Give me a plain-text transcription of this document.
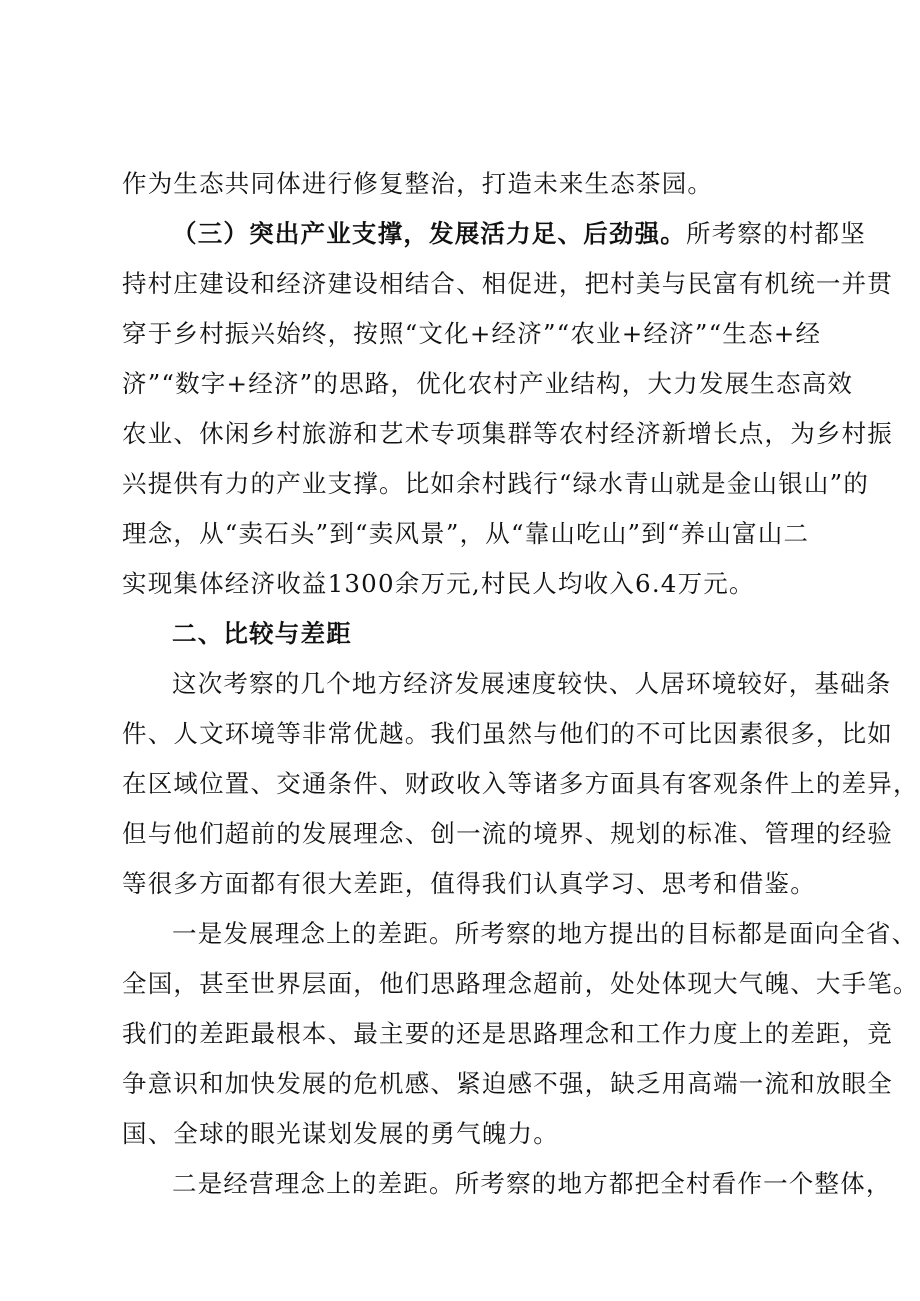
作为生态共同体进行修复整治，打造未来生态茶园。
（三）突出产业支撑，发展活力足、后劲强。所考察的村都坚
持村庄建设和经济建设相结合、相促进，把村美与民富有机统一并贯
穿于乡村振兴始终，按照“文化+经济”“农业+经济”“生态+经
济”“数字+经济”的思路，优化农村产业结构，大力发展生态高效
农业、休闲乡村旅游和艺术专项集群等农村经济新增长点，为乡村振
兴提供有力的产业支撑。比如余村践行“绿水青山就是金山银山”的
理念，从“卖石头”到“卖风景”，从“靠山吃山”到“养山富山二
实现集体经济收益1300余万元,村民人均收入6.4万元。
二、比较与差距
这次考察的几个地方经济发展速度较快、人居环境较好，基础条
件、人文环境等非常优越。我们虽然与他们的不可比因素很多，比如
在区域位置、交通条件、财政收入等诸多方面具有客观条件上的差异，
但与他们超前的发展理念、创一流的境界、规划的标准、管理的经验
等很多方面都有很大差距，值得我们认真学习、思考和借鉴。
一是发展理念上的差距。所考察的地方提出的目标都是面向全省、
全国，甚至世界层面，他们思路理念超前，处处体现大气魄、大手笔。
我们的差距最根本、最主要的还是思路理念和工作力度上的差距，竞
争意识和加快发展的危机感、紧迫感不强，缺乏用高端一流和放眼全
国、全球的眼光谋划发展的勇气魄力。
二是经营理念上的差距。所考察的地方都把全村看作一个整体，
